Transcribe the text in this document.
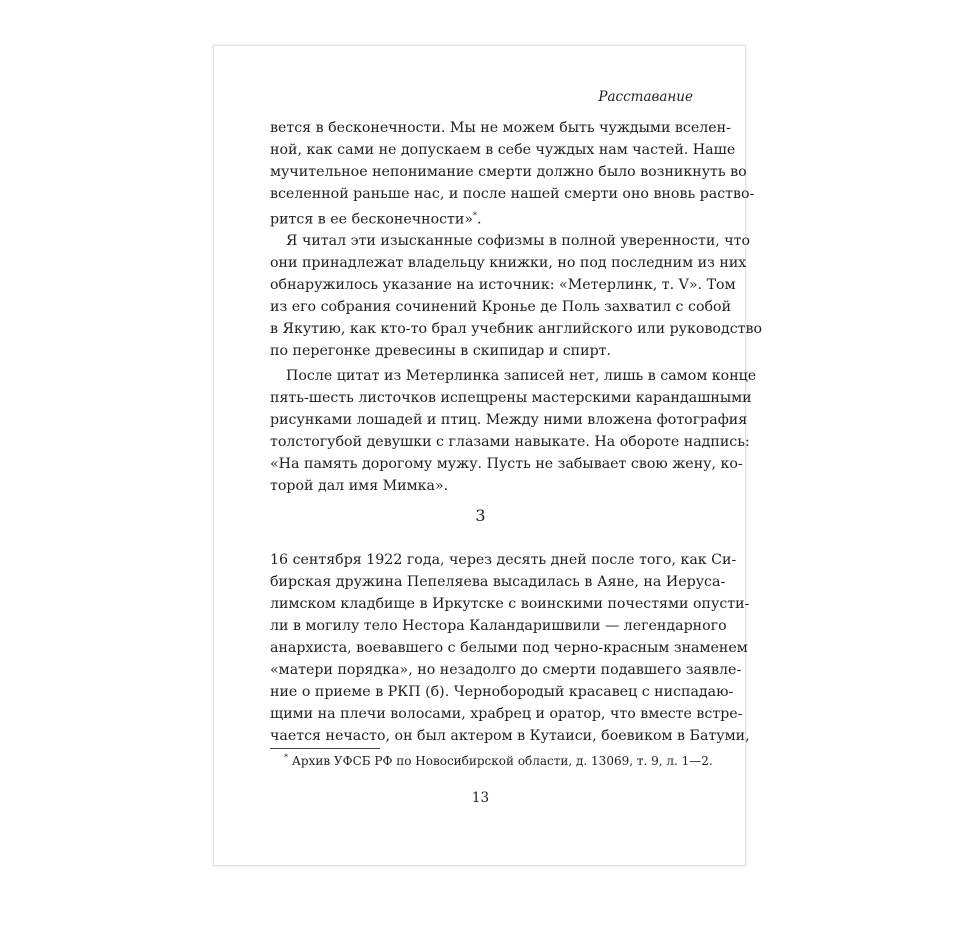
Расставание
вется в бесконечности. Мы не можем быть чуждыми вселен-
ной, как сами не допускаем в себе чуждых нам частей. Наше
мучительное непонимание смерти должно было возникнуть во
вселенной раньше нас, и после нашей смерти оно вновь раство-
рится в ее бесконечности»*.
Я читал эти изысканные софизмы в полной уверенности, что
они принадлежат владельцу книжки, но под последним из них
обнаружилось указание на источник: «Метерлинк, т. V». Том
из его собрания сочинений Кронье де Поль захватил с собой
в Якутию, как кто-то брал учебник английского или руководство
по перегонке древесины в скипидар и спирт.
После цитат из Метерлинка записей нет, лишь в самом конце
пять-шесть листочков испещрены мастерскими карандашными
рисунками лошадей и птиц. Между ними вложена фотография
толстогубой девушки с глазами навыкате. На обороте надпись:
«На память дорогому мужу. Пусть не забывает свою жену, ко-
торой дал имя Мимка».
3
16 сентября 1922 года, через десять дней после того, как Си-
бирская дружина Пепеляева высадилась в Аяне, на Иерусa-
лимском кладбище в Иркутске с воинскими почестями опусти-
ли в могилу тело Нестора Каландаришвили — легендарного
анархиста, воевавшего с белыми под черно-красным знаменем
«матери порядка», но незадолго до смерти подавшего заявле-
ние о приеме в РКП (б). Чернобородый красавец с ниспадаю-
щими на плечи волосами, храбрец и оратор, что вместе встре-
чается нечасто, он был актером в Кутаиси, боевиком в Батуми,
* Архив УФСБ РФ по Новосибирской области, д. 13069, т. 9, л. 1—2.
13
